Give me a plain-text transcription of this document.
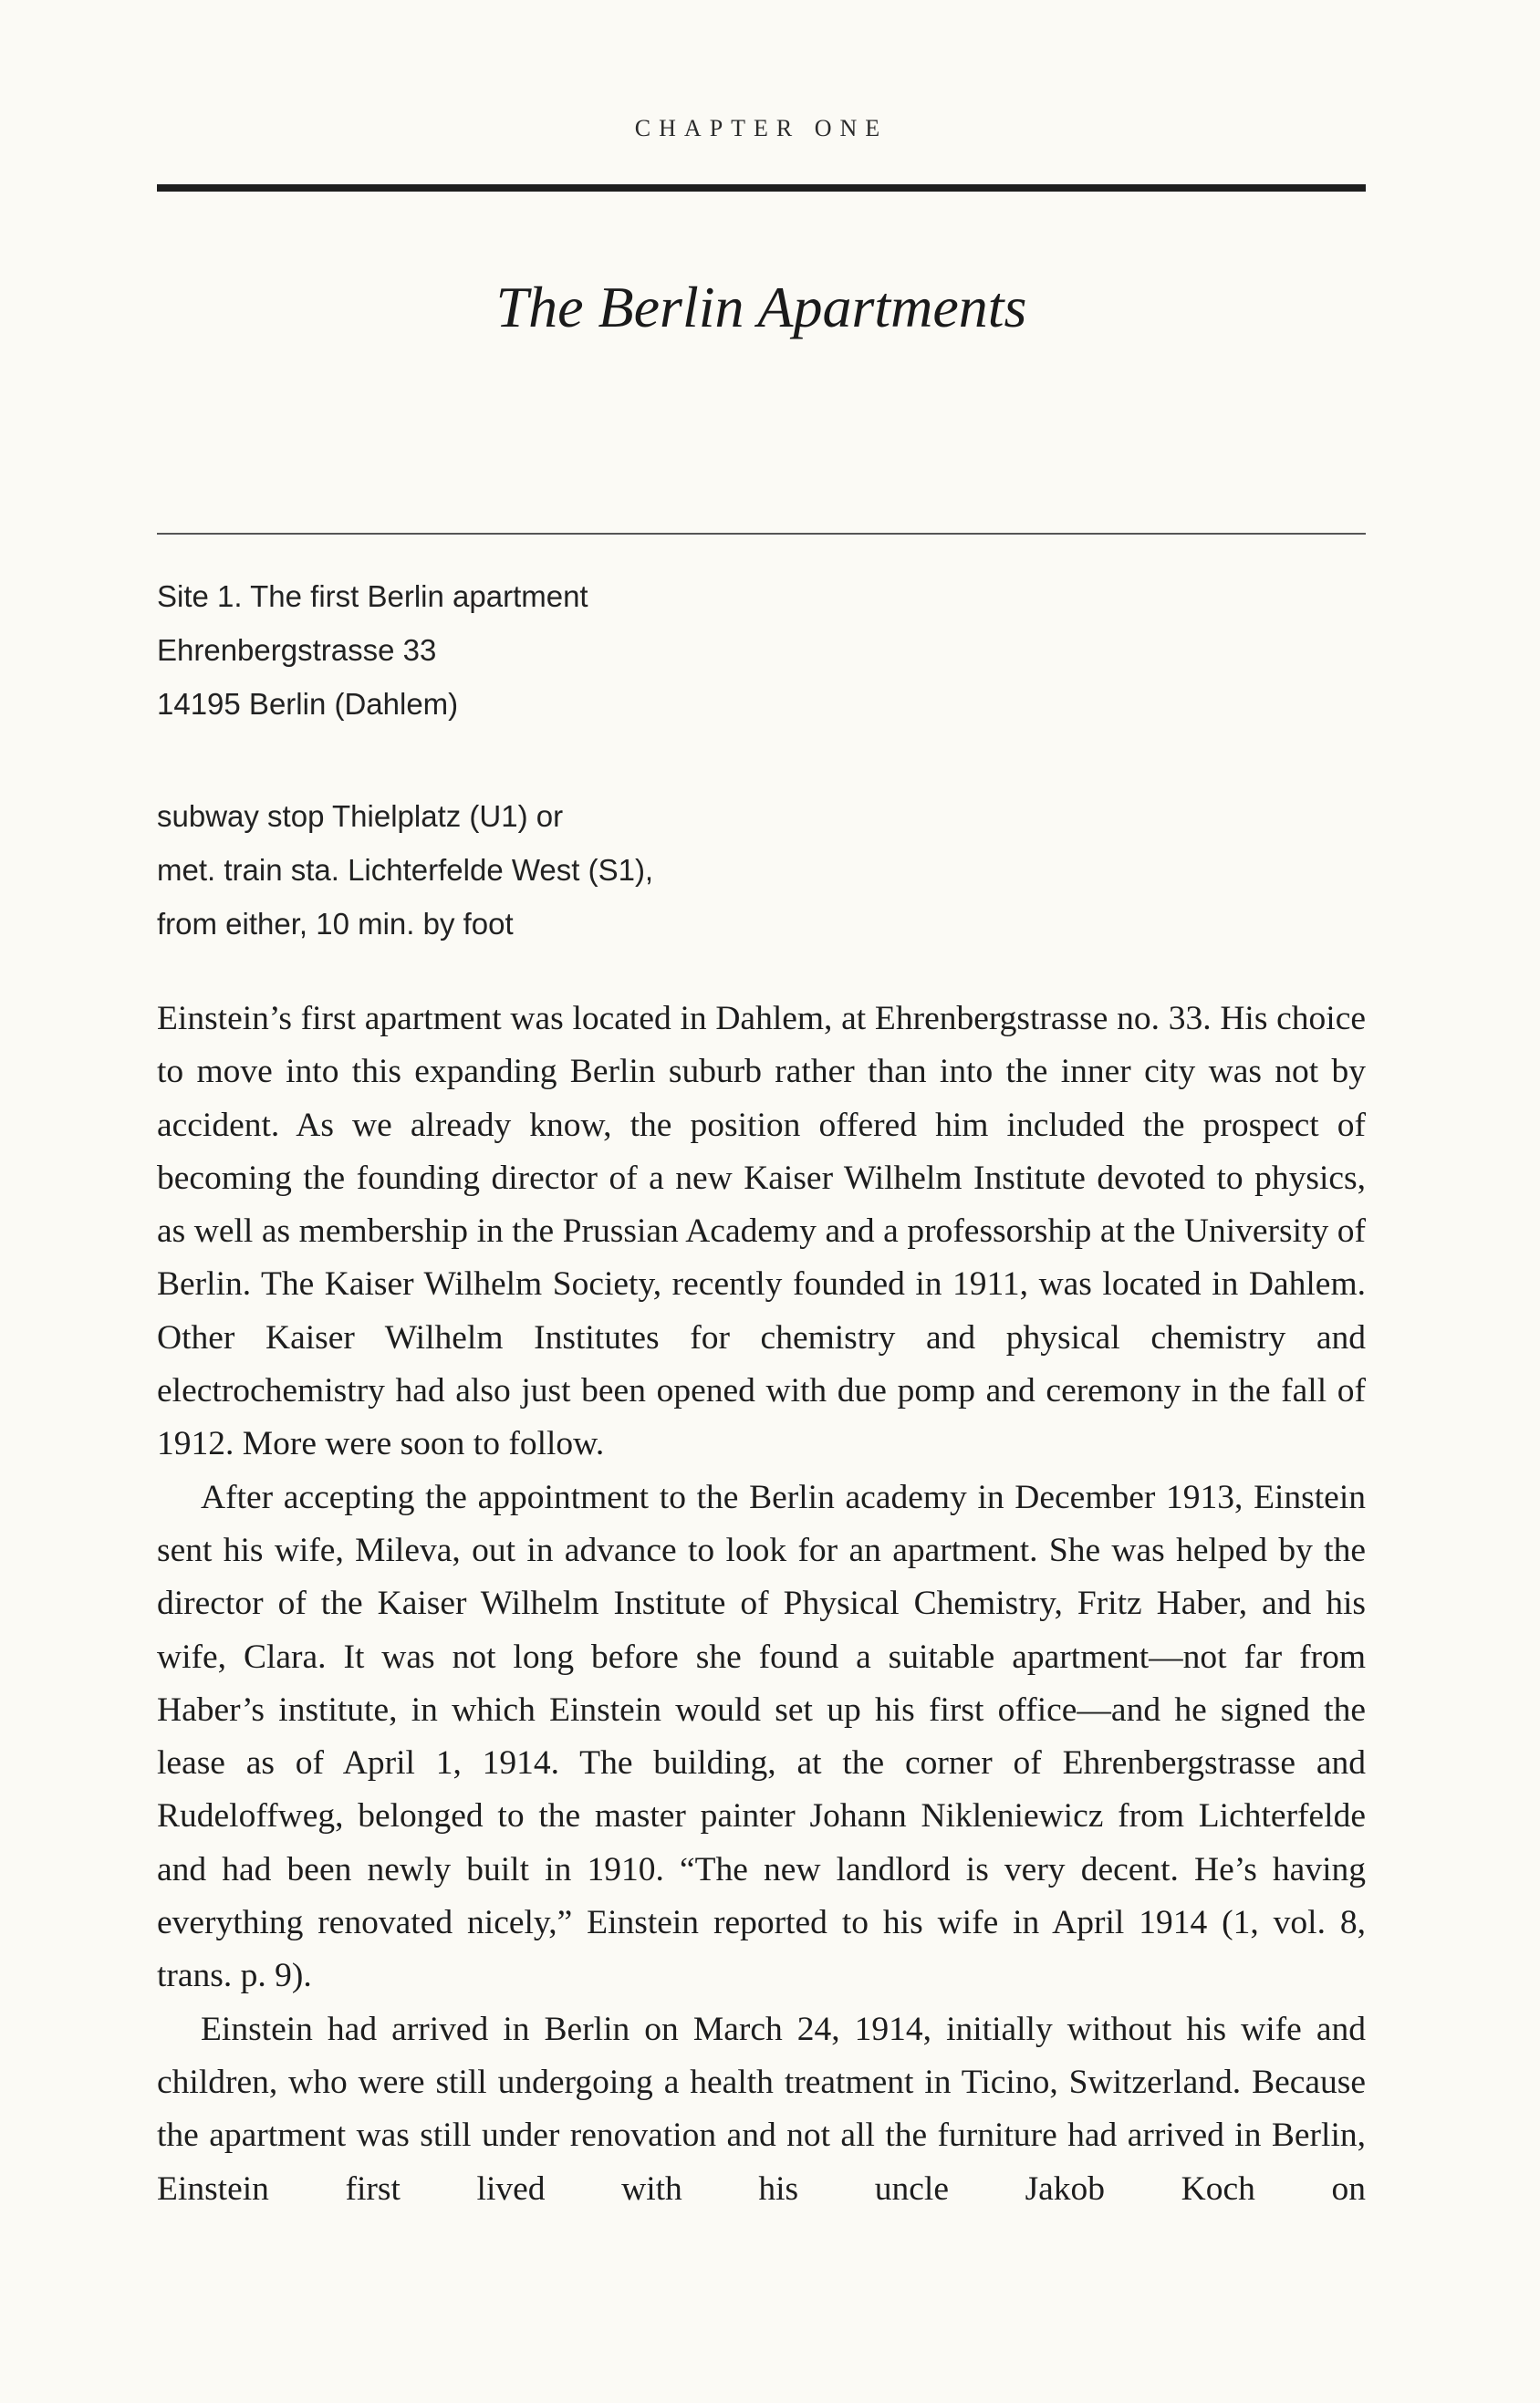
CHAPTER ONE
The Berlin Apartments
Site 1. The first Berlin apartment
Ehrenbergstrasse 33
14195 Berlin (Dahlem)
subway stop Thielplatz (U1) or
met. train sta. Lichterfelde West (S1),
from either, 10 min. by foot

Einstein’s first apartment was located in Dahlem, at Ehrenbergstrasse no. 33. His choice to move into this expanding Berlin suburb rather than into the inner city was not by accident. As we already know, the position offered him included the prospect of becoming the founding director of a new Kaiser Wilhelm Institute devoted to physics, as well as membership in the Prussian Academy and a professorship at the University of Berlin. The Kaiser Wilhelm Society, recently founded in 1911, was located in Dahlem. Other Kaiser Wilhelm Institutes for chemistry and physical chemistry and electrochemistry had also just been opened with due pomp and ceremony in the fall of 1912. More were soon to follow.

After accepting the appointment to the Berlin academy in December 1913, Einstein sent his wife, Mileva, out in advance to look for an apartment. She was helped by the director of the Kaiser Wilhelm Institute of Physical Chemistry, Fritz Haber, and his wife, Clara. It was not long before she found a suitable apartment—not far from Haber’s institute, in which Einstein would set up his first office—and he signed the lease as of April 1, 1914. The building, at the corner of Ehrenbergstrasse and Rudeloffweg, belonged to the master painter Johann Nikleniewicz from Lichterfelde and had been newly built in 1910. “The new landlord is very decent. He’s having everything renovated nicely,” Einstein reported to his wife in April 1914 (1, vol. 8, trans. p. 9).

Einstein had arrived in Berlin on March 24, 1914, initially without his wife and children, who were still undergoing a health treatment in Ticino, Switzerland. Because the apartment was still under renovation and not all the furniture had arrived in Berlin, Einstein first lived with his uncle Jakob Koch on
